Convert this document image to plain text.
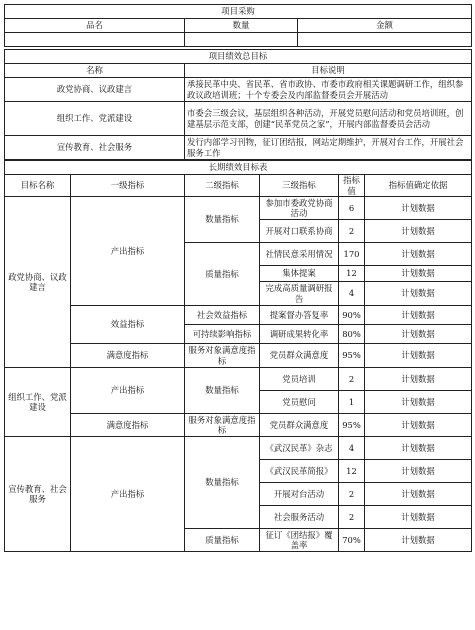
项目采购		
品名	数量	金额

项目绩效总目标	
名称	目标说明
政党协商、议政建言	承接民革中央、省民革、省市政协、市委市政府相关课题调研工作，组织参政议政培训班；十个专委会及内部监督委员会开展活动
组织工作、党派建设	市委会三级会议，基层组织各种活动，开展党员慰问活动和党员培训班，创建基层示范支部，创建“民革党员之家”，开展内部监督委员会活动
宣传教育、社会服务	发行内部学习刊物，征订团结报，网站定期维护，开展对台工作，开展社会服务工作
长期绩效目标表					
目标名称	一级指标	二级指标	三级指标	指标值	指标值确定依据
政党协商、议政建言	产出指标	数量指标	参加市委政党协商活动	6	计划数据
			开展对口联系协商	2	计划数据
		质量指标	社情民意采用情况	170	计划数据
			集体提案	12	计划数据
			完成高质量调研报告	4	计划数据
	效益指标	社会效益指标	提案督办答复率	90%	计划数据
		可持续影响指标	调研成果转化率	80%	计划数据
	满意度指标	服务对象满意度指标	党员群众满意度	95%	计划数据
组织工作、党派建设	产出指标	数量指标	党员培训	2	计划数据
			党员慰问	1	计划数据
	满意度指标	服务对象满意度指标	党员群众满意度	95%	计划数据
宣传教育、社会服务	产出指标	数量指标	《武汉民革》杂志	4	计划数据
			《武汉民革简报》	12	计划数据
			开展对台活动	2	计划数据
			社会服务活动	2	计划数据
		质量指标	征订《团结报》覆盖率	70%	计划数据
